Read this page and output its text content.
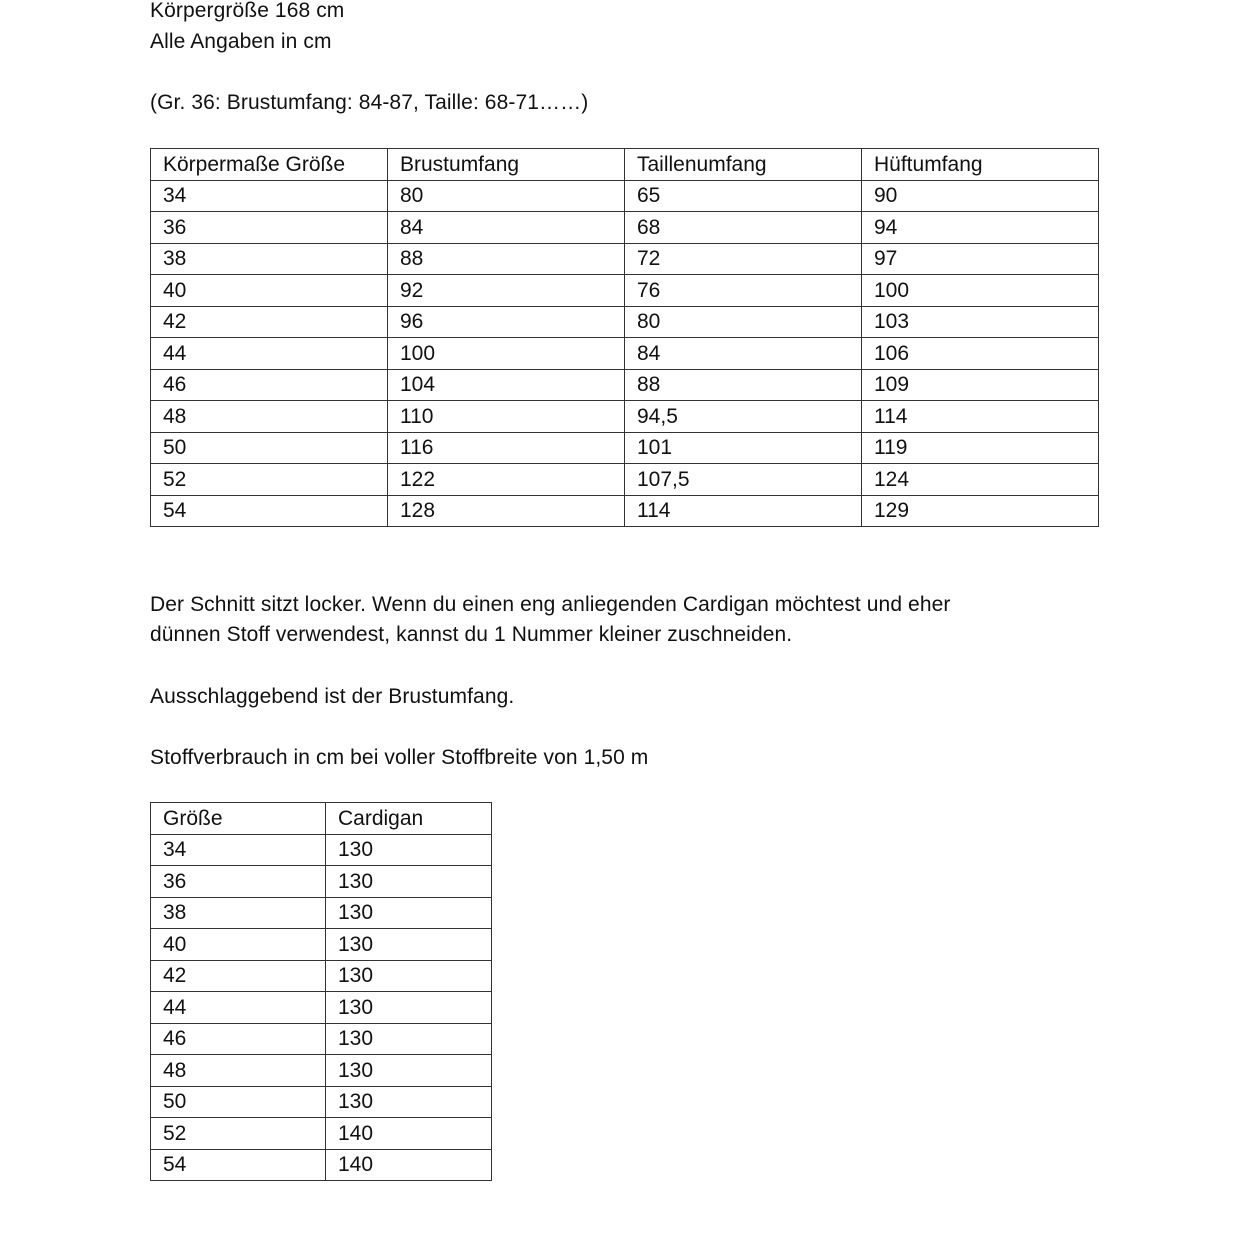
Körpergröße 168 cm
Alle Angaben in cm
(Gr. 36: Brustumfang: 84-87, Taille: 68-71……)
Körpermaße Größe	Brustumfang	Taillenumfang	Hüftumfang
34	80	65	90
36	84	68	94
38	88	72	97
40	92	76	100
42	96	80	103
44	100	84	106
46	104	88	109
48	110	94,5	114
50	116	101	119
52	122	107,5	124
54	128	114	129
Der Schnitt sitzt locker. Wenn du einen eng anliegenden Cardigan möchtest und eher
dünnen Stoff verwendest, kannst du 1 Nummer kleiner zuschneiden.
Ausschlaggebend ist der Brustumfang.
Stoffverbrauch in cm bei voller Stoffbreite von 1,50 m
Größe	Cardigan
34	130
36	130
38	130
40	130
42	130
44	130
46	130
48	130
50	130
52	140
54	140
